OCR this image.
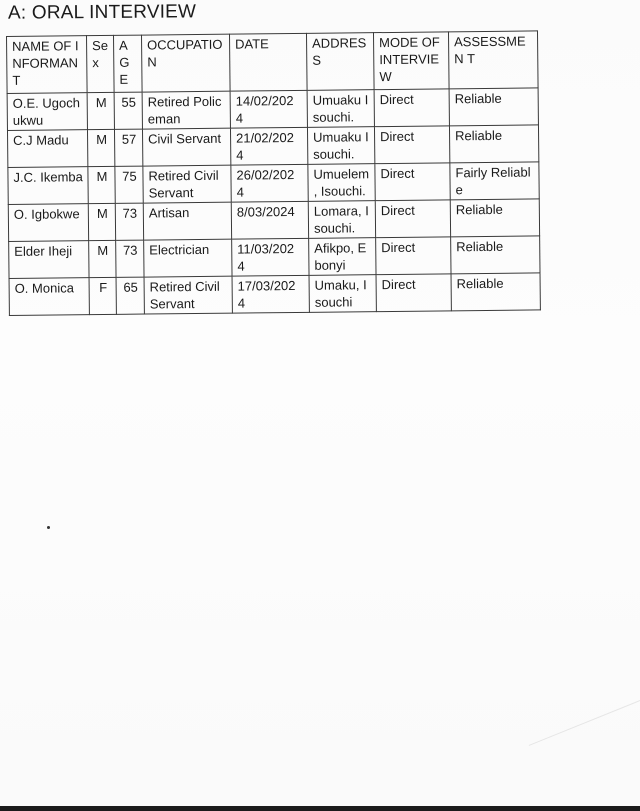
A: ORAL INTERVIEW
NAME OF INFORMAN T	Se x	AG E	OCCUPATIO N	DATE	ADDRESS	MODE OF INTERVIE W	ASSESSMEN T
O.E. Ugochukwu	M	55	Retired Policeman	14/02/202 4	Umuaku Isouchi.	Direct	Reliable
C.J Madu	M	57	Civil Servant	21/02/202 4	Umuaku Isouchi.	Direct	Reliable
J.C. Ikemba	M	75	Retired Civil Servant	26/02/202 4	Umuelem , Isouchi.	Direct	Fairly Reliable
O. Igbokwe	M	73	Artisan	8/03/2024	Lomara, Isouchi.	Direct	Reliable
Elder Iheji	M	73	Electrician	11/03/202 4	Afikpo, Ebonyi	Direct	Reliable
O. Monica	F	65	Retired Civil Servant	17/03/202 4	Umaku, Isouchi	Direct	Reliable
